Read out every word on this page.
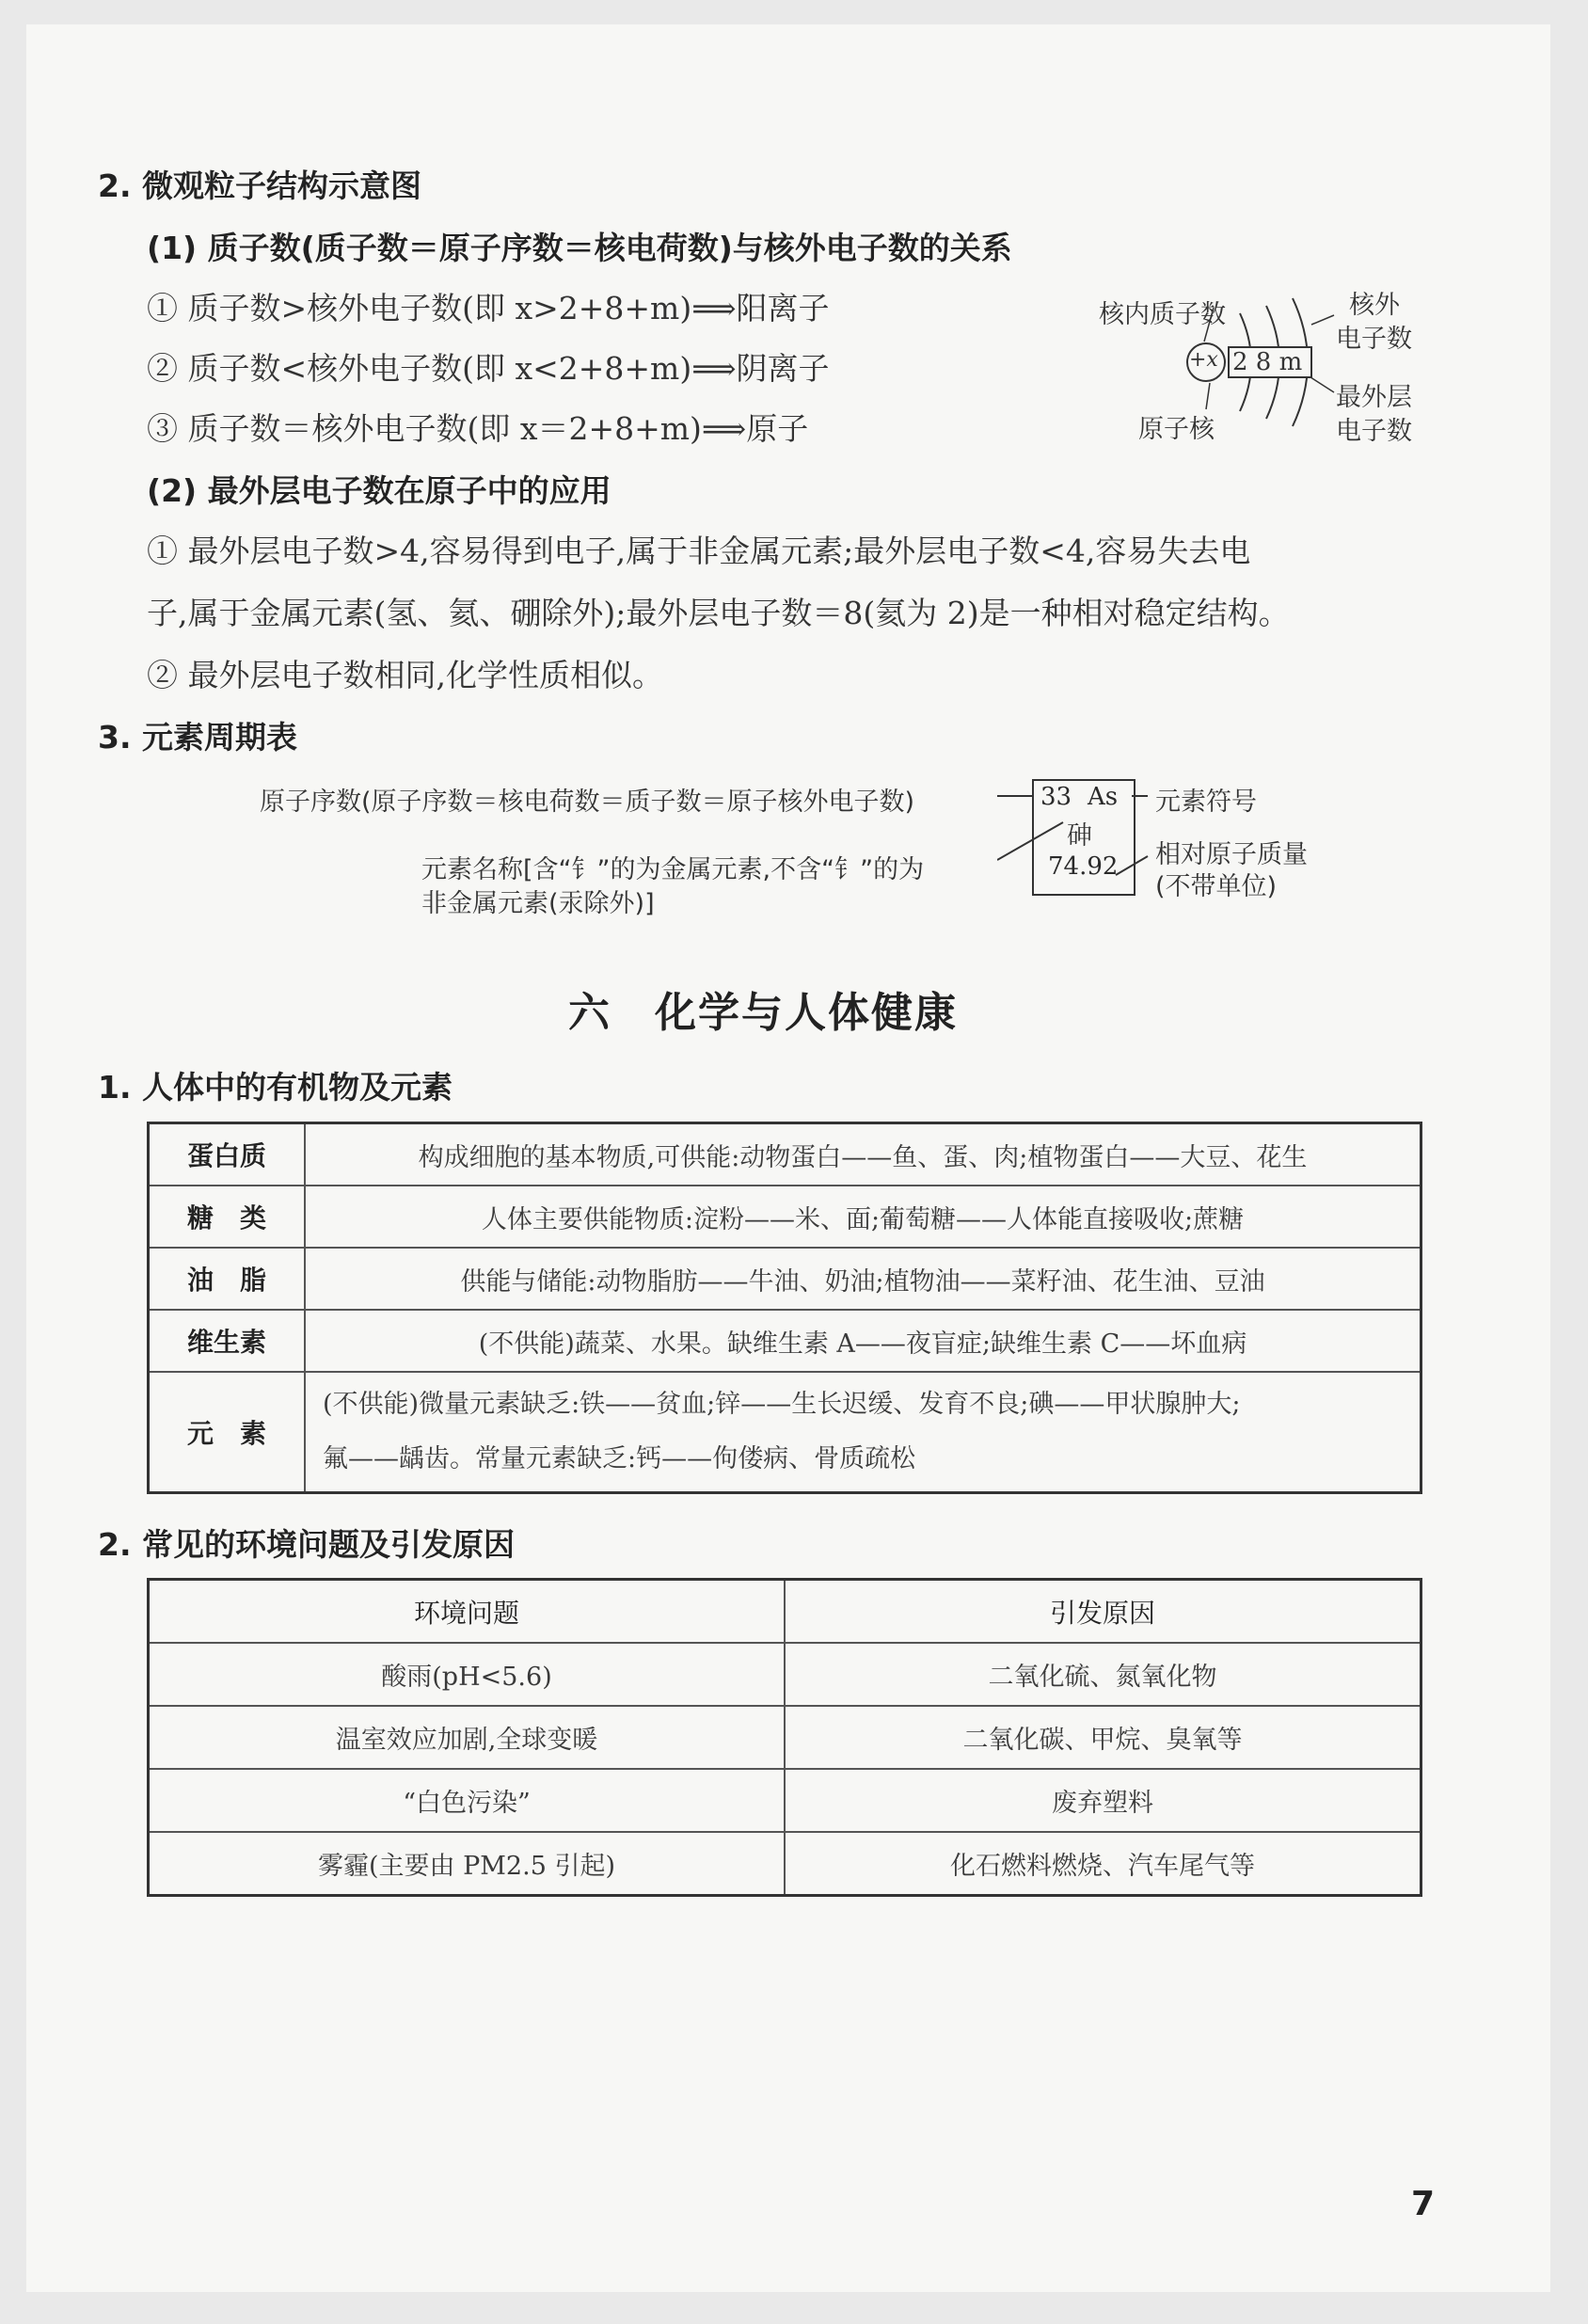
2. 微观粒子结构示意图
(1) 质子数(质子数＝原子序数＝核电荷数)与核外电子数的关系
① 质子数>核外电子数(即 x>2+8+m)⟹阳离子
② 质子数<核外电子数(即 x<2+8+m)⟹阴离子
③ 质子数＝核外电子数(即 x＝2+8+m)⟹原子
核内质子数	核外
电子数
最外层
电子数
原子核
+x 2 8 m
(2) 最外层电子数在原子中的应用
① 最外层电子数>4,容易得到电子,属于非金属元素;最外层电子数<4,容易失去电
子,属于金属元素(氢、氦、硼除外);最外层电子数＝8(氦为 2)是一种相对稳定结构。
② 最外层电子数相同,化学性质相似。
3. 元素周期表
原子序数(原子序数＝核电荷数＝质子数＝原子核外电子数)
元素名称[含“钅”的为金属元素,不含“钅”的为
非金属元素(汞除外)]
33 As
砷
74.92
元素符号
相对原子质量
(不带单位)
六　化学与人体健康
1. 人体中的有机物及元素
蛋白质	构成细胞的基本物质,可供能:动物蛋白——鱼、蛋、肉;植物蛋白——大豆、花生
糖　类	人体主要供能物质:淀粉——米、面;葡萄糖——人体能直接吸收;蔗糖
油　脂	供能与储能:动物脂肪——牛油、奶油;植物油——菜籽油、花生油、豆油
维生素	(不供能)蔬菜、水果。缺维生素 A——夜盲症;缺维生素 C——坏血病
元　素	(不供能)微量元素缺乏:铁——贫血;锌——生长迟缓、发育不良;碘——甲状腺肿大;
氟——龋齿。常量元素缺乏:钙——佝偻病、骨质疏松
2. 常见的环境问题及引发原因
环境问题	引发原因
酸雨(pH<5.6)	二氧化硫、氮氧化物
温室效应加剧,全球变暖	二氧化碳、甲烷、臭氧等
“白色污染”	废弃塑料
雾霾(主要由 PM2.5 引起)	化石燃料燃烧、汽车尾气等
7
